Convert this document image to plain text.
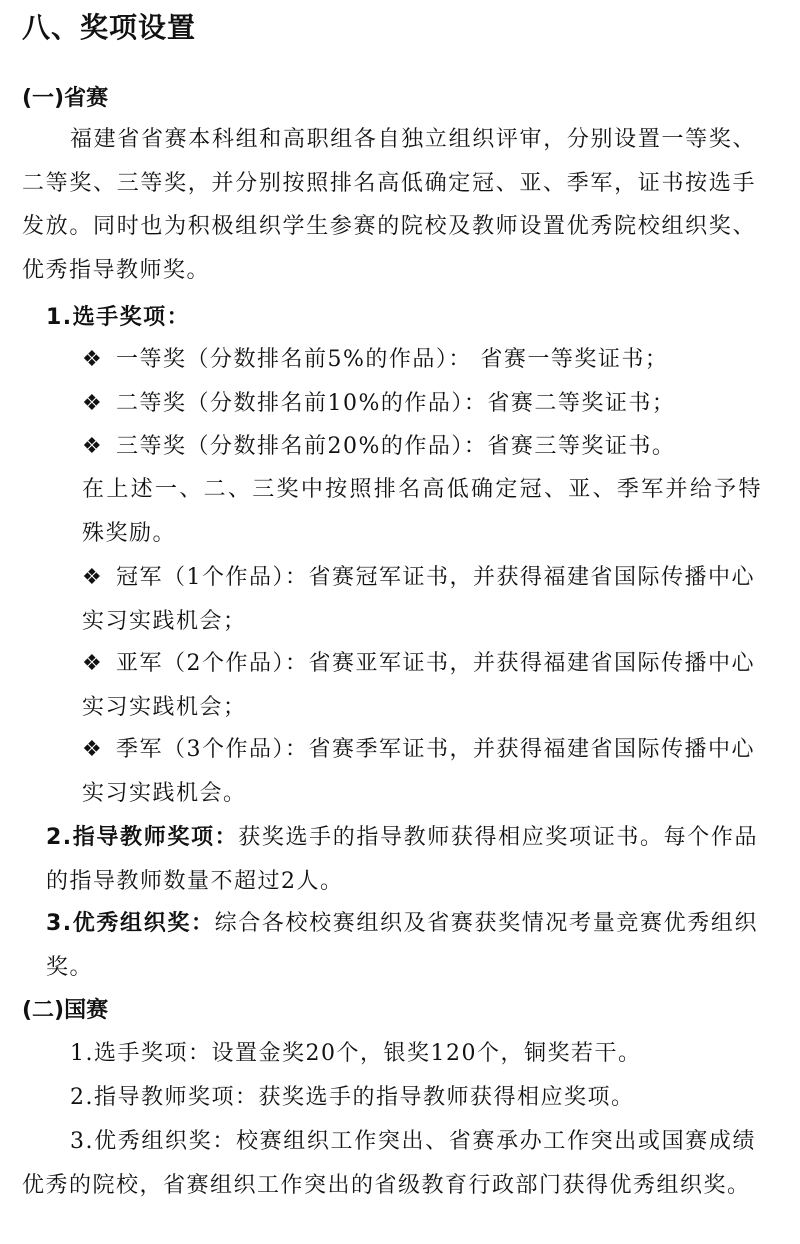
八、奖项设置
(一)省赛
福建省省赛本科组和高职组各自独立组织评审，分别设置一等奖、二等奖、三等奖，并分别按照排名高低确定冠、亚、季军，证书按选手发放。同时也为积极组织学生参赛的院校及教师设置优秀院校组织奖、优秀指导教师奖。
1.选手奖项：
❖ 一等奖（分数排名前5%的作品）： 省赛一等奖证书；
❖ 二等奖（分数排名前10%的作品）：省赛二等奖证书；
❖ 三等奖（分数排名前20%的作品）：省赛三等奖证书。
在上述一、二、三奖中按照排名高低确定冠、亚、季军并给予特殊奖励。
❖ 冠军（1个作品）：省赛冠军证书，并获得福建省国际传播中心实习实践机会；
❖ 亚军（2个作品）：省赛亚军证书，并获得福建省国际传播中心实习实践机会；
❖ 季军（3个作品）：省赛季军证书，并获得福建省国际传播中心实习实践机会。
2.指导教师奖项：获奖选手的指导教师获得相应奖项证书。每个作品的指导教师数量不超过2人。
3.优秀组织奖：综合各校校赛组织及省赛获奖情况考量竞赛优秀组织奖。
(二)国赛
1.选手奖项：设置金奖20个，银奖120个，铜奖若干。
2.指导教师奖项：获奖选手的指导教师获得相应奖项。
3.优秀组织奖：校赛组织工作突出、省赛承办工作突出或国赛成绩优秀的院校，省赛组织工作突出的省级教育行政部门获得优秀组织奖。
